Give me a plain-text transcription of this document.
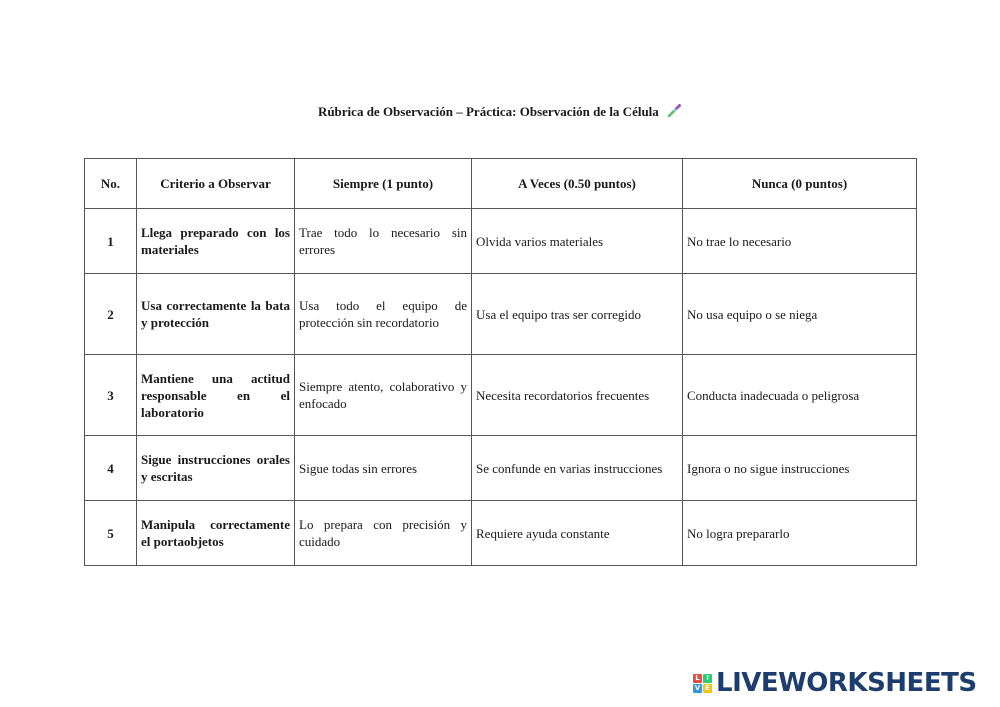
Rúbrica de Observación – Práctica: Observación de la Célula
No.	Criterio a Observar	Siempre (1 punto)	A Veces (0.50 puntos)	Nunca (0 puntos)
1	Llega preparado con los materiales	Trae todo lo necesario sin errores	Olvida varios materiales	No trae lo necesario
2	Usa correctamente la bata y protección	Usa todo el equipo de protección sin recordatorio	Usa el equipo tras ser corregido	No usa equipo o se niega
3	Mantiene una actitud responsable en el laboratorio	Siempre atento, colaborativo y enfocado	Necesita recordatorios frecuentes	Conducta inadecuada o peligrosa
4	Sigue instrucciones orales y escritas	Sigue todas sin errores	Se confunde en varias instrucciones	Ignora o no sigue instrucciones
5	Manipula correctamente el portaobjetos	Lo prepara con precisión y cuidado	Requiere ayuda constante	No logra prepararlo
L I
V E LIVEWORKSHEETS
